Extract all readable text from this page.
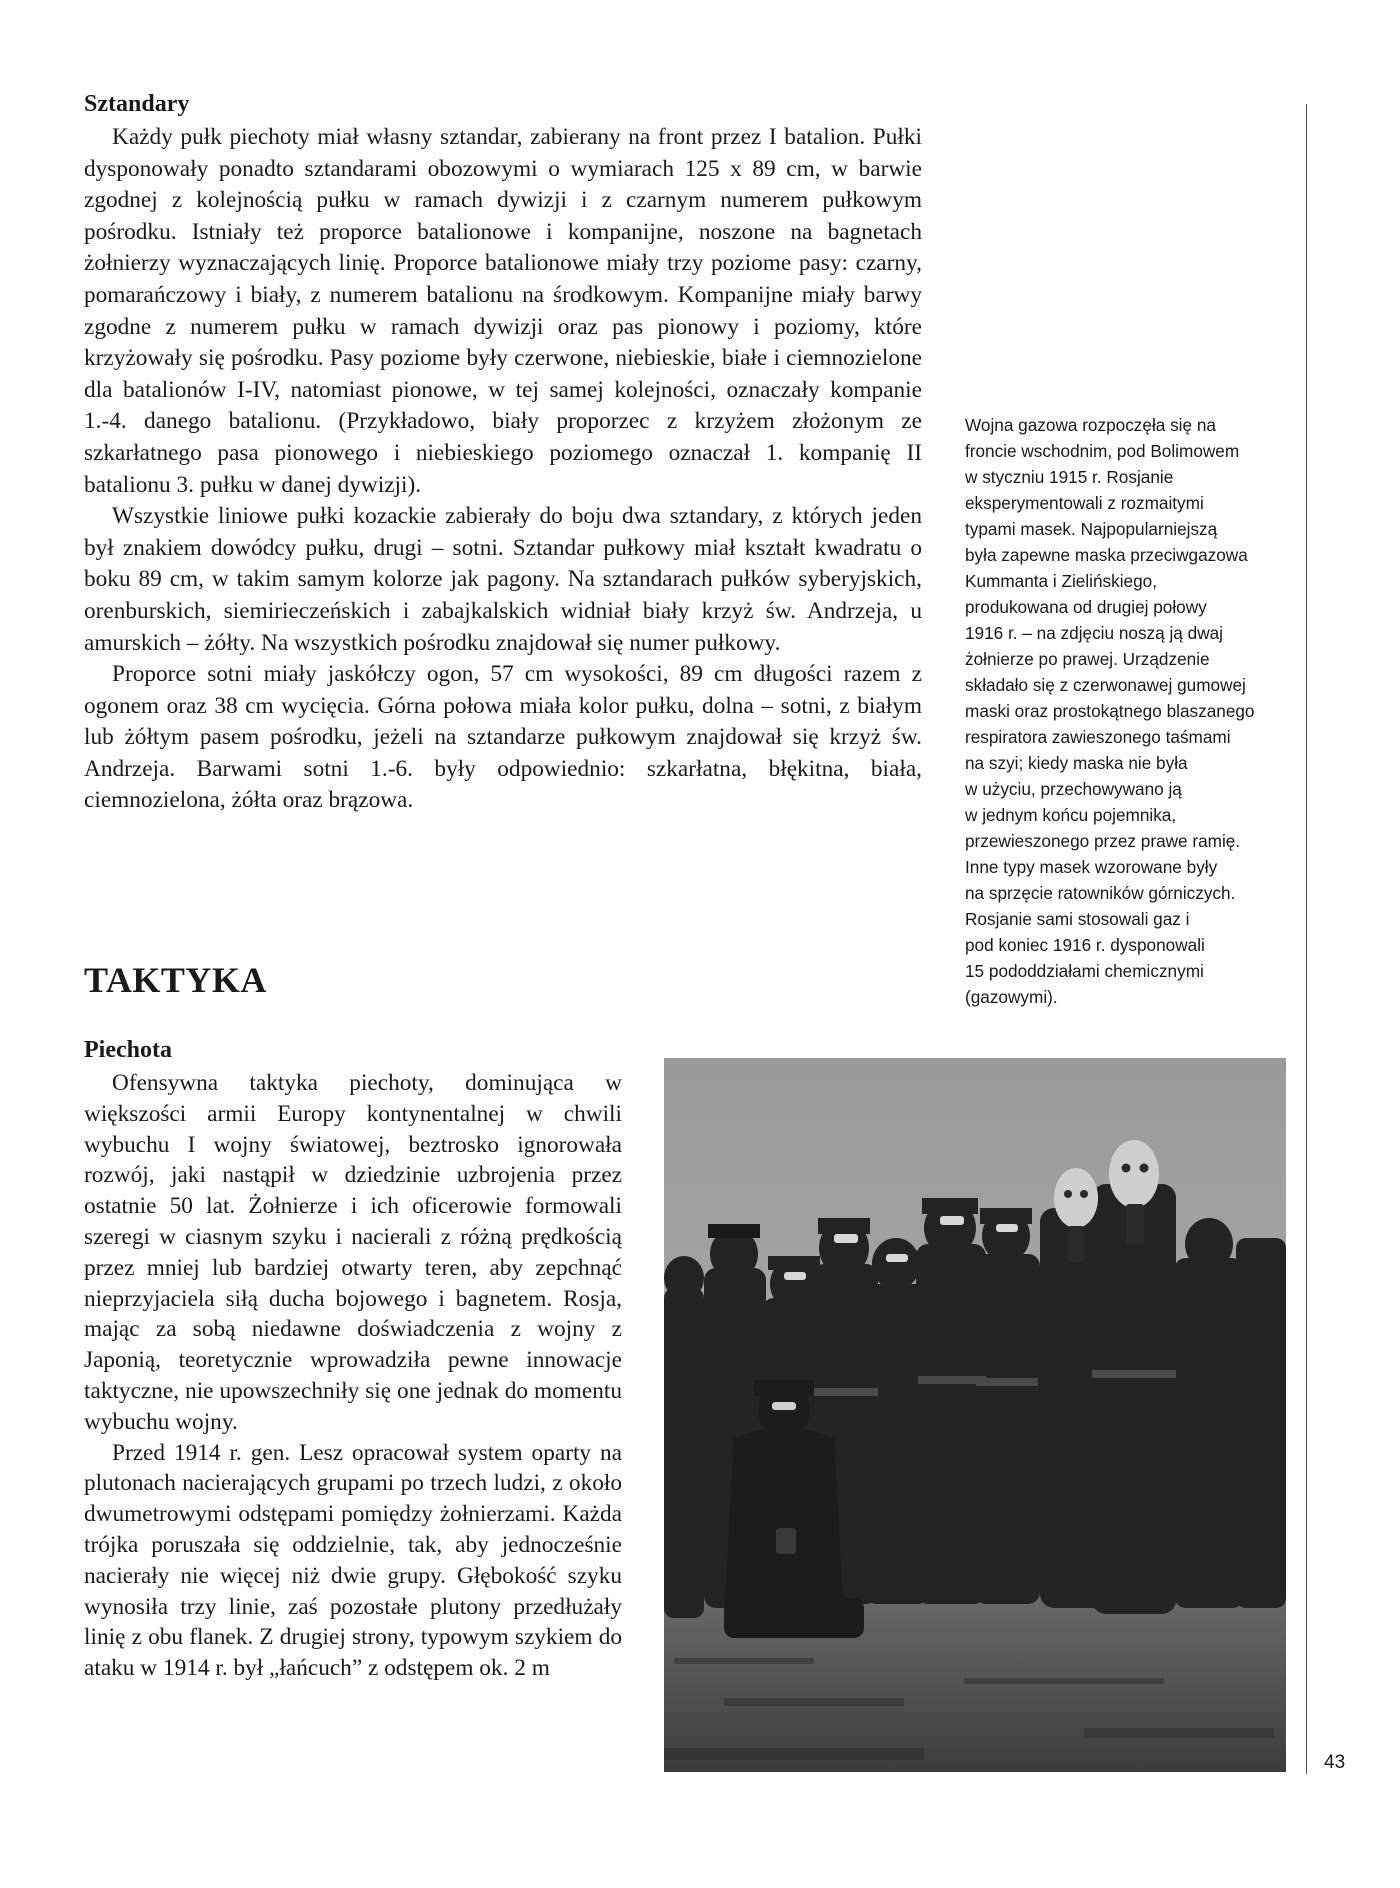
Sztandary

Każdy pułk piechoty miał własny sztandar, zabierany na front przez I batalion. Pułki dysponowały ponadto sztandarami obozowymi o wymiarach 125 x 89 cm, w barwie zgodnej z kolejnością pułku w ramach dywizji i z czarnym numerem pułkowym pośrodku. Istniały też proporce batalionowe i kompanijne, noszone na bagnetach żołnierzy wyznaczających linię. Proporce batalionowe miały trzy poziome pasy: czarny, pomarańczowy i biały, z numerem batalionu na środkowym. Kompanijne miały barwy zgodne z numerem pułku w ramach dywizji oraz pas pionowy i poziomy, które krzyżowały się pośrodku. Pasy poziome były czerwone, niebieskie, białe i ciemnozielone dla batalionów I-IV, natomiast pionowe, w tej samej kolejności, oznaczały kompanie 1.-4. danego batalionu. (Przykładowo, biały proporzec z krzyżem złożonym ze szkarłatnego pasa pionowego i niebieskiego poziomego oznaczał 1. kompanię II batalionu 3. pułku w danej dywizji).

Wszystkie liniowe pułki kozackie zabierały do boju dwa sztandary, z których jeden był znakiem dowódcy pułku, drugi – sotni. Sztandar pułkowy miał kształt kwadratu o boku 89 cm, w takim samym kolorze jak pagony. Na sztandarach pułków syberyjskich, orenburskich, siemirieczeńskich i zabajkalskich widniał biały krzyż św. Andrzeja, u amurskich – żółty. Na wszystkich pośrodku znajdował się numer pułkowy.

Proporce sotni miały jaskółczy ogon, 57 cm wysokości, 89 cm długości razem z ogonem oraz 38 cm wycięcia. Górna połowa miała kolor pułku, dolna – sotni, z białym lub żółtym pasem pośrodku, jeżeli na sztandarze pułkowym znajdował się krzyż św. Andrzeja. Barwami sotni 1.-6. były odpowiednio: szkarłatna, błękitna, biała, ciemnozielona, żółta oraz brązowa.

TAKTYKA
Piechota

Ofensywna taktyka piechoty, dominująca w większości armii Europy kontynentalnej w chwili wybuchu I wojny światowej, beztrosko ignorowała rozwój, jaki nastąpił w dziedzinie uzbrojenia przez ostatnie 50 lat. Żołnierze i ich oficerowie formowali szeregi w ciasnym szyku i nacierali z różną prędkością przez mniej lub bardziej otwarty teren, aby zepchnąć nieprzyjaciela siłą ducha bojowego i bagnetem. Rosja, mając za sobą niedawne doświadczenia z wojny z Japonią, teoretycznie wprowadziła pewne innowacje taktyczne, nie upowszechniły się one jednak do momentu wybuchu wojny.

Przed 1914 r. gen. Lesz opracował system oparty na plutonach nacierających grupami po trzech ludzi, z około dwumetrowymi odstępami pomiędzy żołnierzami. Każda trójka poruszała się oddzielnie, tak, aby jednocześnie nacierały nie więcej niż dwie grupy. Głębokość szyku wynosiła trzy linie, zaś pozostałe plutony przedłużały linię z obu flanek. Z drugiej strony, typowym szykiem do ataku w 1914 r. był „łańcuch” z odstępem ok. 2 m

Wojna gazowa rozpoczęła się na
froncie wschodnim, pod Bolimowem
w styczniu 1915 r. Rosjanie
eksperymentowali z rozmaitymi
typami masek. Najpopularniejszą
była zapewne maska przeciwgazowa
Kummanta i Zielińskiego,
produkowana od drugiej połowy
1916 r. – na zdjęciu noszą ją dwaj
żołnierze po prawej. Urządzenie
składało się z czerwonawej gumowej
maski oraz prostokątnego blaszanego
respiratora zawieszonego taśmami
na szyi; kiedy maska nie była
w użyciu, przechowywano ją
w jednym końcu pojemnika,
przewieszonego przez prawe ramię.
Inne typy masek wzorowane były
na sprzęcie ratowników górniczych.
Rosjanie sami stosowali gaz i
pod koniec 1916 r. dysponowali
15 pododdziałami chemicznymi
(gazowymi).
43
